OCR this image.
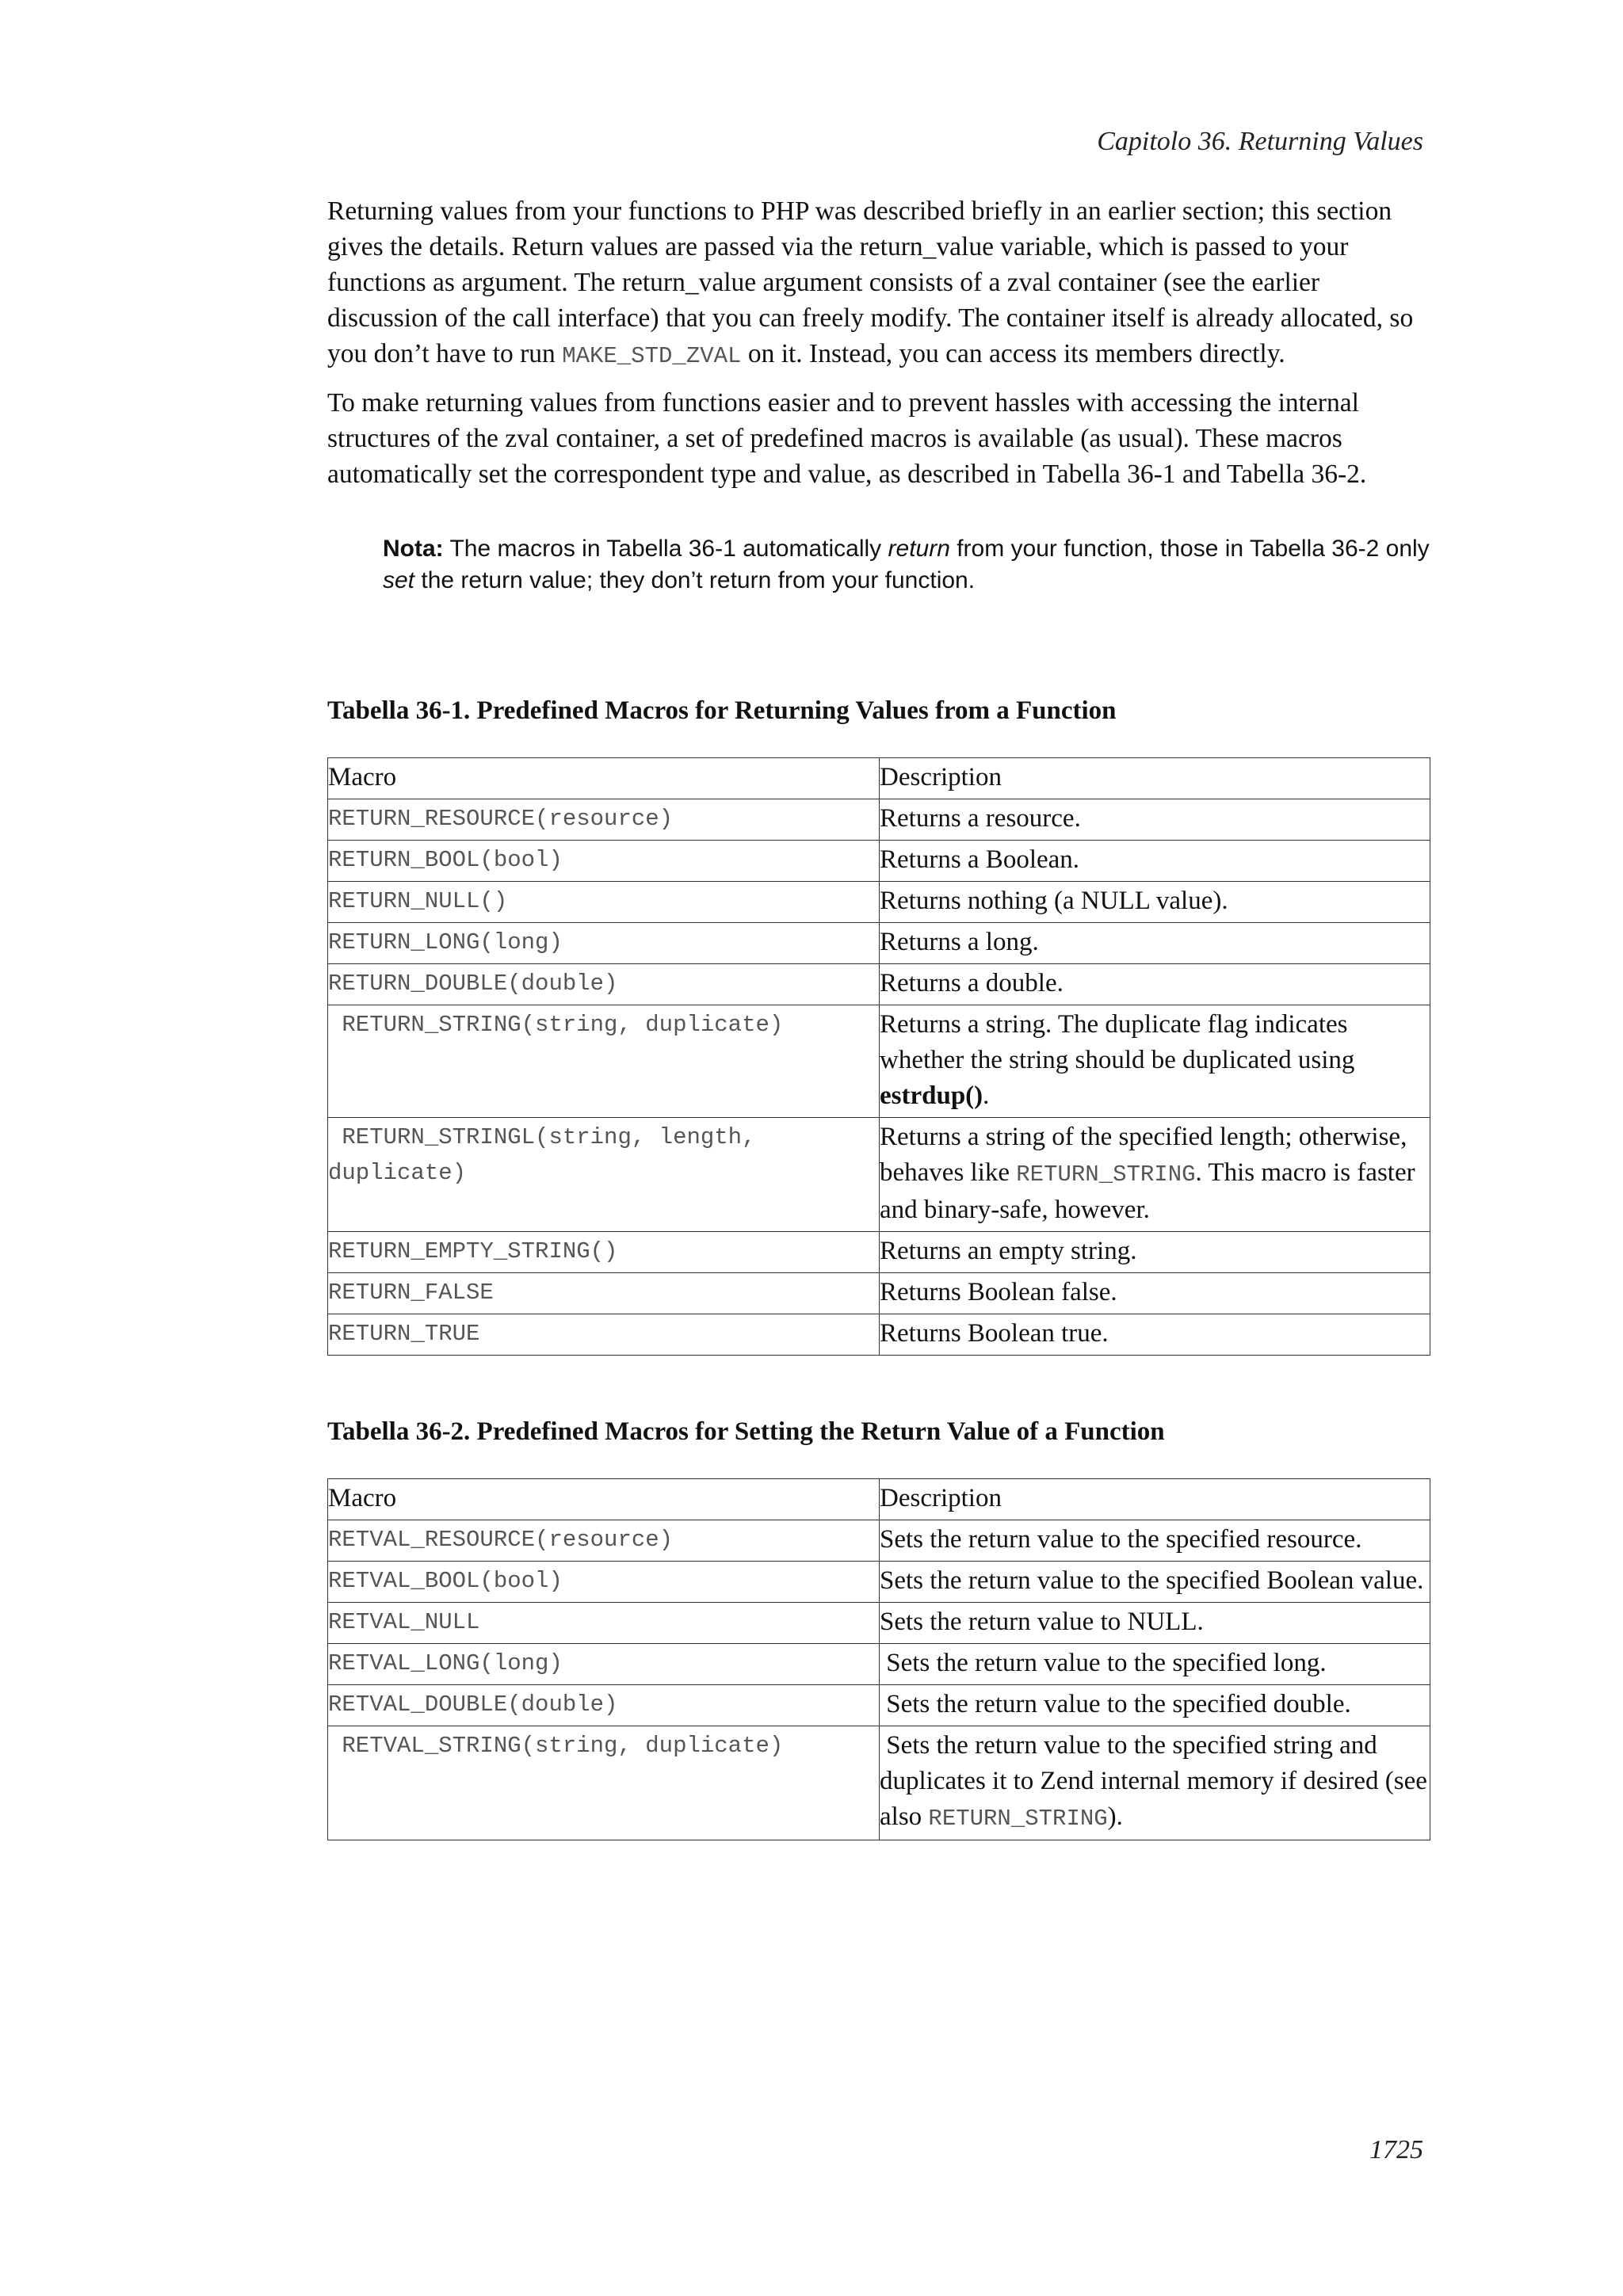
Capitolo 36. Returning Values

Returning values from your functions to PHP was described briefly in an earlier section; this section gives the details. Return values are passed via the return_value variable, which is passed to your functions as argument. The return_value argument consists of a zval container (see the earlier discussion of the call interface) that you can freely modify. The container itself is already allocated, so you don’t have to run MAKE_STD_ZVAL on it. Instead, you can access its members directly.

To make returning values from functions easier and to prevent hassles with accessing the internal structures of the zval container, a set of predefined macros is available (as usual). These macros automatically set the correspondent type and value, as described in Tabella 36-1 and Tabella 36-2.

Nota: The macros in Tabella 36-1 automatically return from your function, those in Tabella 36-2 only set the return value; they don’t return from your function.

Tabella 36-1. Predefined Macros for Returning Values from a Function

Macro	Description
RETURN_RESOURCE(resource)	Returns a resource.
RETURN_BOOL(bool)	Returns a Boolean.
RETURN_NULL()	Returns nothing (a NULL value).
RETURN_LONG(long)	Returns a long.
RETURN_DOUBLE(double)	Returns a double.
RETURN_STRING(string, duplicate)	Returns a string. The duplicate flag indicates whether the string should be duplicated using estrdup().
RETURN_STRINGL(string, length, duplicate)	Returns a string of the specified length; otherwise, behaves like RETURN_STRING. This macro is faster and binary-safe, however.
RETURN_EMPTY_STRING()	Returns an empty string.
RETURN_FALSE	Returns Boolean false.
RETURN_TRUE	Returns Boolean true.

Tabella 36-2. Predefined Macros for Setting the Return Value of a Function

Macro	Description
RETVAL_RESOURCE(resource)	Sets the return value to the specified resource.
RETVAL_BOOL(bool)	Sets the return value to the specified Boolean value.
RETVAL_NULL	Sets the return value to NULL.
RETVAL_LONG(long)	Sets the return value to the specified long.
RETVAL_DOUBLE(double)	Sets the return value to the specified double.
RETVAL_STRING(string, duplicate)	Sets the return value to the specified string and duplicates it to Zend internal memory if desired (see also RETURN_STRING).
1725
